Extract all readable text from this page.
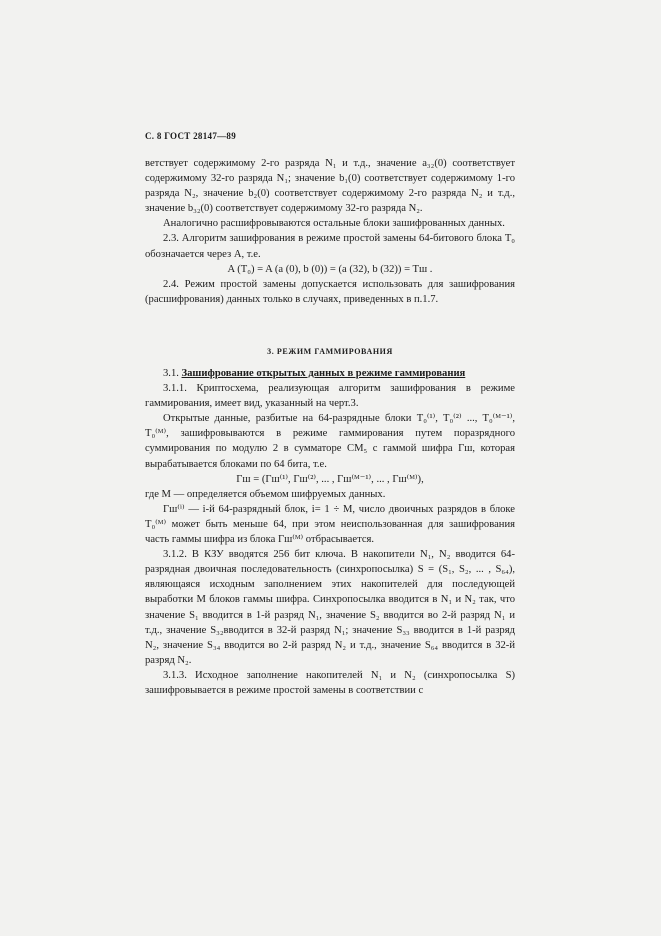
С. 8 ГОСТ 28147—89

ветствует содержимому 2-го разряда N₁ и т.д., значение a₃₂(0) соответствует содержимому 32-го разряда N₁; значение b₁(0) соответствует содержимому 1-го разряда N₂, значение b₂(0) соответствует содержимому 2-го разряда N₂ и т.д., значение b₃₂(0) соответствует содержимому 32-го разряда N₂.

Аналогично расшифровываются остальные блоки зашифрованных данных.

2.3. Алгоритм зашифрования в режиме простой замены 64-битового блока T₀ обозначается через A, т.е.

A (T₀) = A (a (0), b (0)) = (a (32), b (32)) = Tш .

2.4. Режим простой замены допускается использовать для зашифрования (расшифрования) данных только в случаях, приведенных в п.1.7.

3. РЕЖИМ ГАММИРОВАНИЯ

3.1. Зашифрование открытых данных в режиме гаммирования

3.1.1. Криптосхема, реализующая алгоритм зашифрования в режиме гаммирования, имеет вид, указанный на черт.3.

Открытые данные, разбитые на 64-разрядные блоки T₀⁽¹⁾, T₀⁽²⁾ ..., T₀⁽ᴹ⁻¹⁾, T₀⁽ᴹ⁾, зашифровываются в режиме гаммирования путем поразрядного суммирования по модулю 2 в сумматоре CM₅ с гаммой шифра Гш, которая вырабатывается блоками по 64 бита, т.е.

Гш = (Гш⁽¹⁾, Гш⁽²⁾, ... , Гш⁽ᴹ⁻¹⁾, ... , Гш⁽ᴹ⁾),

где M — определяется объемом шифруемых данных.

Гш⁽ⁱ⁾ — i-й 64-разрядный блок, i= 1 ÷ M, число двоичных разрядов в блоке T₀⁽ᴹ⁾ может быть меньше 64, при этом неиспользованная для зашифрования часть гаммы шифра из блока Гш⁽ᴹ⁾ отбрасывается.

3.1.2. В КЗУ вводятся 256 бит ключа. В накопители N₁, N₂ вводится 64-разрядная двоичная последовательность (синхропосылка) S = (S₁, S₂, ... , S₆₄), являющаяся исходным заполнением этих накопителей для последующей выработки M блоков гаммы шифра. Синхропосылка вводится в N₁ и N₂ так, что значение S₁ вводится в 1-й разряд N₁, значение S₂ вводится во 2-й разряд N₁ и т.д., значение S₃₂вводится в 32-й разряд N₁; значение S₃₃ вводится в 1-й разряд N₂, значение S₃₄ вводится во 2-й разряд N₂ и т.д., значение S₆₄ вводится в 32-й разряд N₂.

3.1.3. Исходное заполнение накопителей N₁ и N₂ (синхропосылка S) зашифровывается в режиме простой замены в соответствии с
